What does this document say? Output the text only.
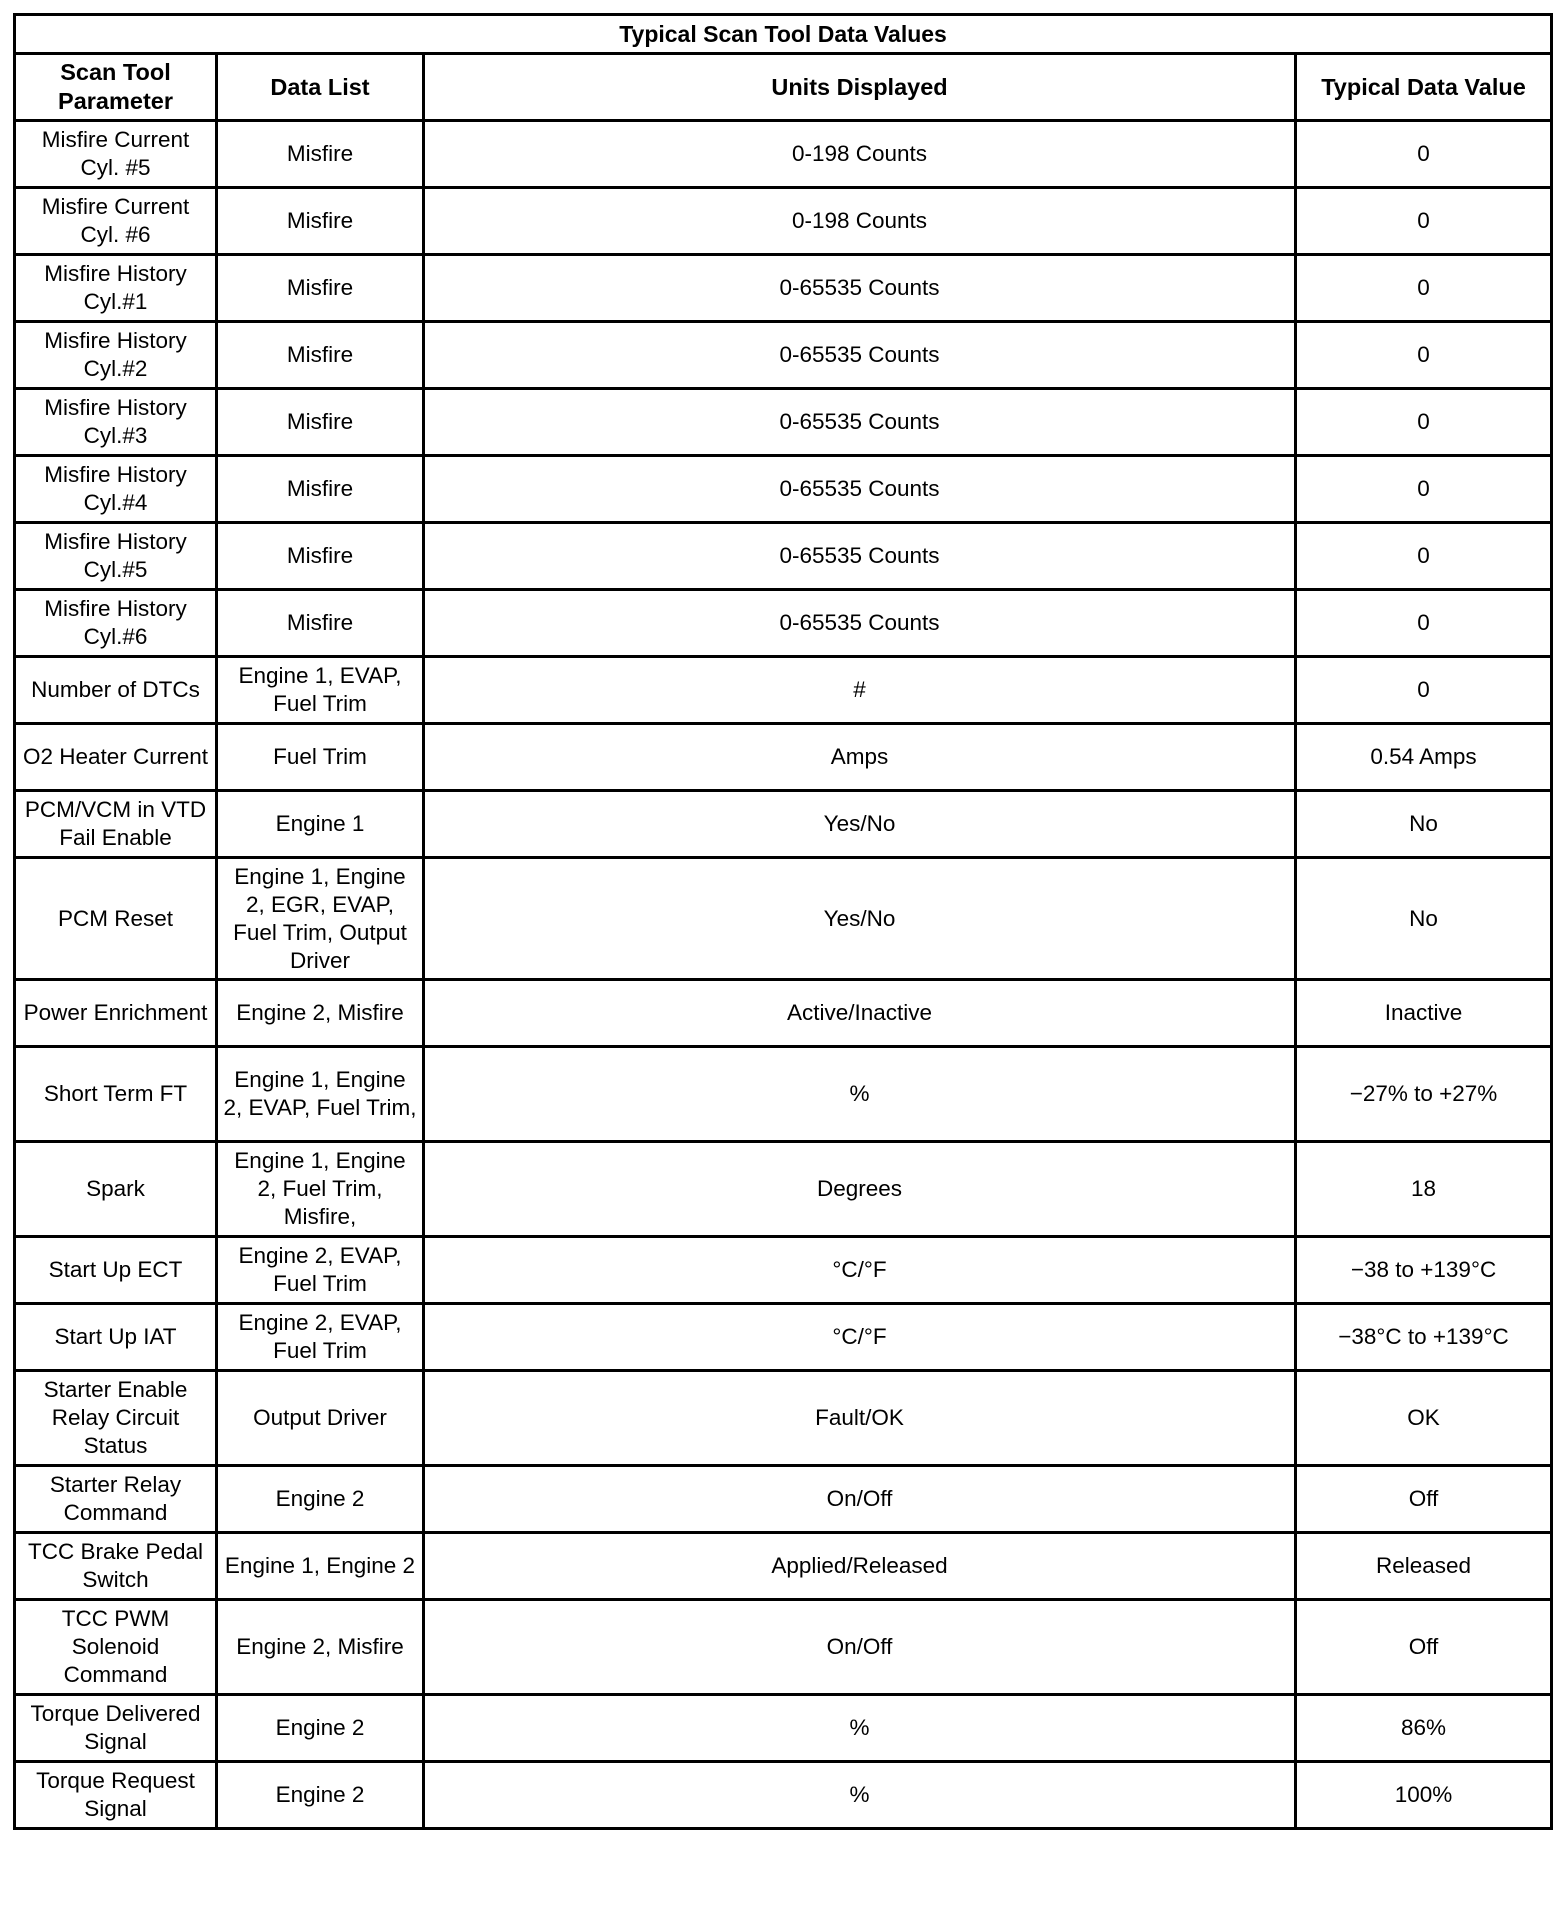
Typical Scan Tool Data Values			
Scan Tool Parameter	Data List	Units Displayed	Typical Data Value
Misfire Current Cyl. #5	Misfire	0-198 Counts	0
Misfire Current Cyl. #6	Misfire	0-198 Counts	0
Misfire History Cyl.#1	Misfire	0-65535 Counts	0
Misfire History Cyl.#2	Misfire	0-65535 Counts	0
Misfire History Cyl.#3	Misfire	0-65535 Counts	0
Misfire History Cyl.#4	Misfire	0-65535 Counts	0
Misfire History Cyl.#5	Misfire	0-65535 Counts	0
Misfire History Cyl.#6	Misfire	0-65535 Counts	0
Number of DTCs	Engine 1, EVAP, Fuel Trim	#	0
O2 Heater Current	Fuel Trim	Amps	0.54 Amps
PCM/VCM in VTD Fail Enable	Engine 1	Yes/No	No
PCM Reset	Engine 1, Engine 2, EGR, EVAP, Fuel Trim, Output Driver	Yes/No	No
Power Enrichment	Engine 2, Misfire	Active/Inactive	Inactive
Short Term FT	Engine 1, Engine 2, EVAP, Fuel Trim,	%	−27% to +27%
Spark	Engine 1, Engine 2, Fuel Trim, Misfire,	Degrees	18
Start Up ECT	Engine 2, EVAP, Fuel Trim	°C/°F	−38 to +139°C
Start Up IAT	Engine 2, EVAP, Fuel Trim	°C/°F	−38°C to +139°C
Starter Enable Relay Circuit Status	Output Driver	Fault/OK	OK
Starter Relay Command	Engine 2	On/Off	Off
TCC Brake Pedal Switch	Engine 1, Engine 2	Applied/Released	Released
TCC PWM Solenoid Command	Engine 2, Misfire	On/Off	Off
Torque Delivered Signal	Engine 2	%	86%
Torque Request Signal	Engine 2	%	100%
